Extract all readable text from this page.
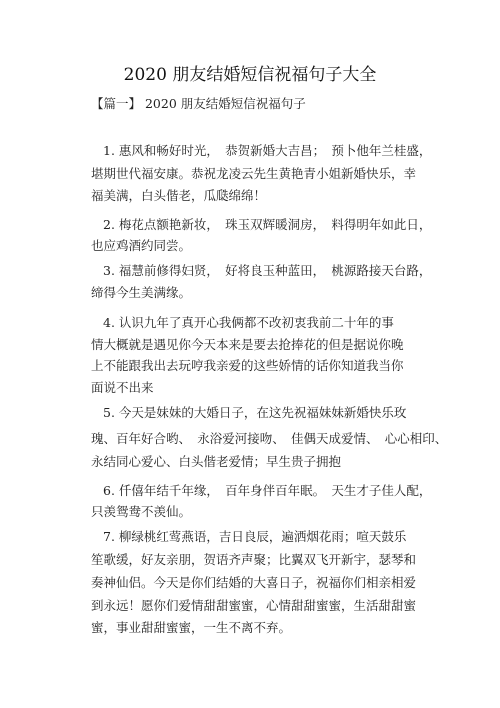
2020 朋友结婚短信祝福句子大全
【篇一】 2020 朋友结婚短信祝福句子
1. 惠风和畅好时光，　恭贺新婚大吉昌；　预卜他年兰桂盛，
堪期世代福安康。恭祝龙凌云先生黄艳青小姐新婚快乐，幸
福美满，白头偕老，瓜瓞绵绵！
2. 梅花点额艳新妆，　珠玉双辉暖洞房，　料得明年如此日，
也应鸡酒约同尝。
3. 福慧前修得妇贤，　好将良玉种蓝田，　桃源路接天台路，
缔得今生美满缘。
4. 认识九年了真开心我俩都不改初衷我前二十年的事
情大概就是遇见你今天本来是要去抢捧花的但是据说你晚
上不能跟我出去玩哼我亲爱的这些娇情的话你知道我当你
面说不出来
5. 今天是妹妹的大婚日子，在这先祝福妹妹新婚快乐玫
瑰、百年好合哟、　永浴爱河接吻、　佳偶天成爱情、　心心相印、
永结同心爱心、白头偕老爱情；早生贵子拥抱
6. 仟僖年结千年缘，　百年身伴百年眠。　天生才子佳人配，
只羡鸳鸯不羡仙。
7. 柳绿桃红莺燕语，吉日良辰，遍洒烟花雨；喧天鼓乐
笙歌缓，好友亲朋，贺语齐声聚；比翼双飞开新宇，瑟琴和
奏神仙侣。今天是你们结婚的大喜日子，祝福你们相亲相爱
到永远！愿你们爱情甜甜蜜蜜，心情甜甜蜜蜜，生活甜甜蜜
蜜，事业甜甜蜜蜜，一生不离不弃。
